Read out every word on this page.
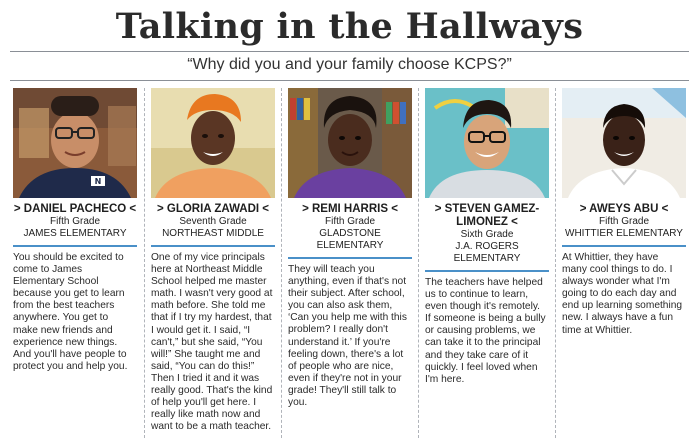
Talking in the Hallways
“Why did you and your family choose KCPS?”
N
> DANIEL PACHECO <
Fifth Grade
JAMES ELEMENTARY
You should be excited to come to James Elementary School because you get to learn from the best teachers anywhere. You get to make new friends and experience new things. And you'll have people to protect you and help you.
> GLORIA ZAWADI <
Seventh Grade
NORTHEAST MIDDLE
One of my vice principals here at Northeast Middle School helped me master math. I wasn't very good at math before. She told me that if I try my hardest, that I would get it. I said, “I can't,” but she said, “You will!” She taught me and said, “You can do this!” Then I tried it and it was really good. That's the kind of help you'll get here. I really like math now and want to be a math teacher.
> REMI HARRIS <
Fifth Grade
GLADSTONE ELEMENTARY
They will teach you anything, even if that's not their subject. After school, you can also ask them, ‘Can you help me with this problem? I really don't understand it.’ If you're feeling down, there's a lot of people who are nice, even if they're not in your grade! They'll still talk to you.
> STEVEN GAMEZ-LIMONEZ <
Sixth Grade
J.A. ROGERS ELEMENTARY
The teachers have helped us to continue to learn, even though it's remotely. If someone is being a bully or causing problems, we can take it to the principal and they take care of it quickly. I feel loved when I'm here.
> AWEYS ABU <
Fifth Grade
WHITTIER ELEMENTARY
At Whittier, they have many cool things to do. I always wonder what I'm going to do each day and end up learning something new. I always have a fun time at Whittier.
